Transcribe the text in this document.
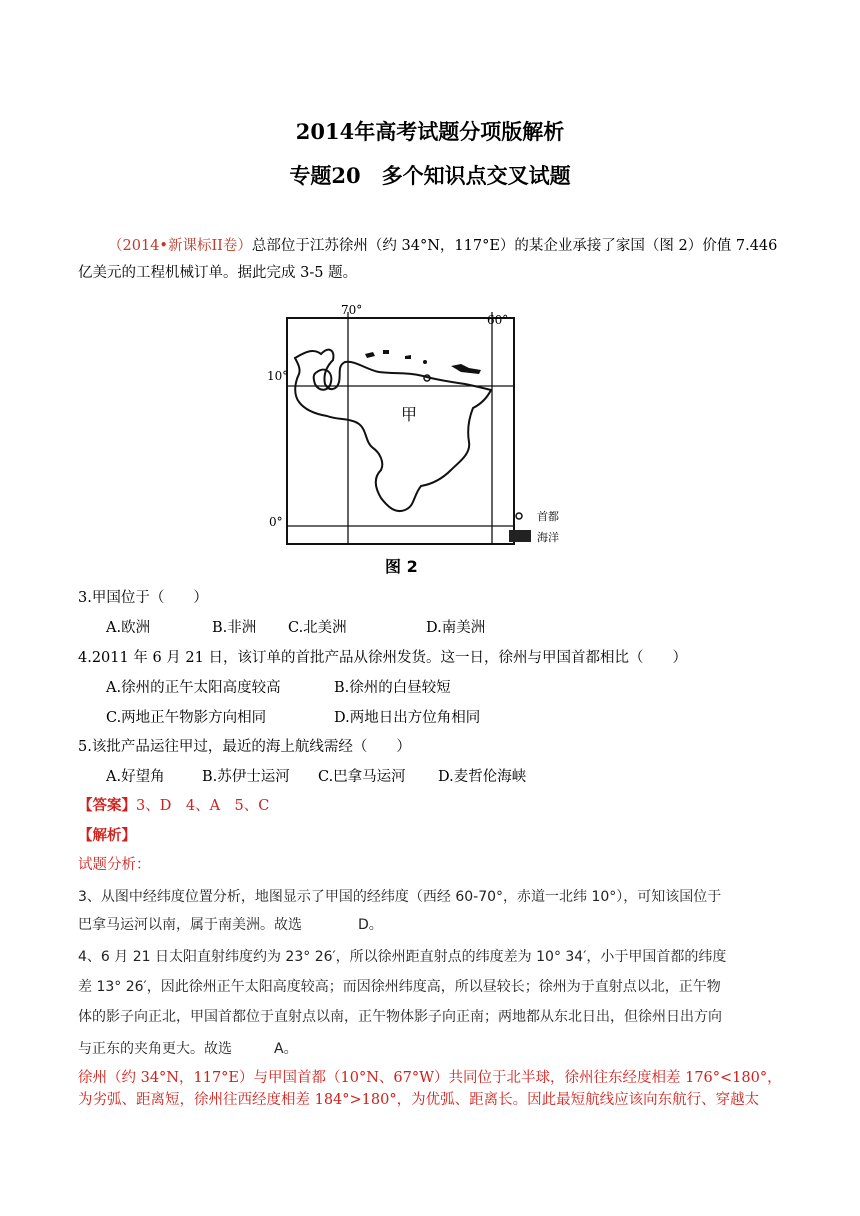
2014年高考试题分项版解析
专题20　多个知识点交叉试题
（2014•新课标II卷）总部位于江苏徐州（约 34°N，117°E）的某企业承接了家国（图 2）价值 7.446
亿美元的工程机械订单。据此完成 3-5 题。
70°
60°
10°
0°
甲
首都
海洋
图 2
3.甲国位于（　　）
A.欧洲	B.非洲 C.北美洲	D.南美洲
4.2011 年 6 月 21 日，该订单的首批产品从徐州发货。这一日，徐州与甲国首都相比（　　）
A.徐州的正午太阳高度较高	B.徐州的白昼较短
C.两地正午物影方向相同	D.两地日出方位角相同
5.该批产品运往甲过，最近的海上航线需经（　　）
A.好望角	B.苏伊士运河 C.巴拿马运河 D.麦哲伦海峡
【答案】3、D　4、A　5、C
【解析】
试题分析：
3、从图中经纬度位置分析，地图显示了甲国的经纬度（西经 60-70°，赤道一北纬 10°），可知该国位于
巴拿马运河以南，属于南美洲。故选　　　　D。
4、6 月 21 日太阳直射纬度约为 23° 26′，所以徐州距直射点的纬度差为 10° 34′，小于甲国首都的纬度
差 13° 26′，因此徐州正午太阳高度较高；而因徐州纬度高，所以昼较长；徐州为于直射点以北，正午物
体的影子向正北，甲国首都位于直射点以南，正午物体影子向正南；两地都从东北日出，但徐州日出方向
与正东的夹角更大。故选　　　A。
徐州（约 34°N，117°E）与甲国首都（10°N、67°W）共同位于北半球，徐州往东经度相差 176°<180°，
为劣弧、距离短，徐州往西经度相差 184°>180°，为优弧、距离长。因此最短航线应该向东航行、穿越太
